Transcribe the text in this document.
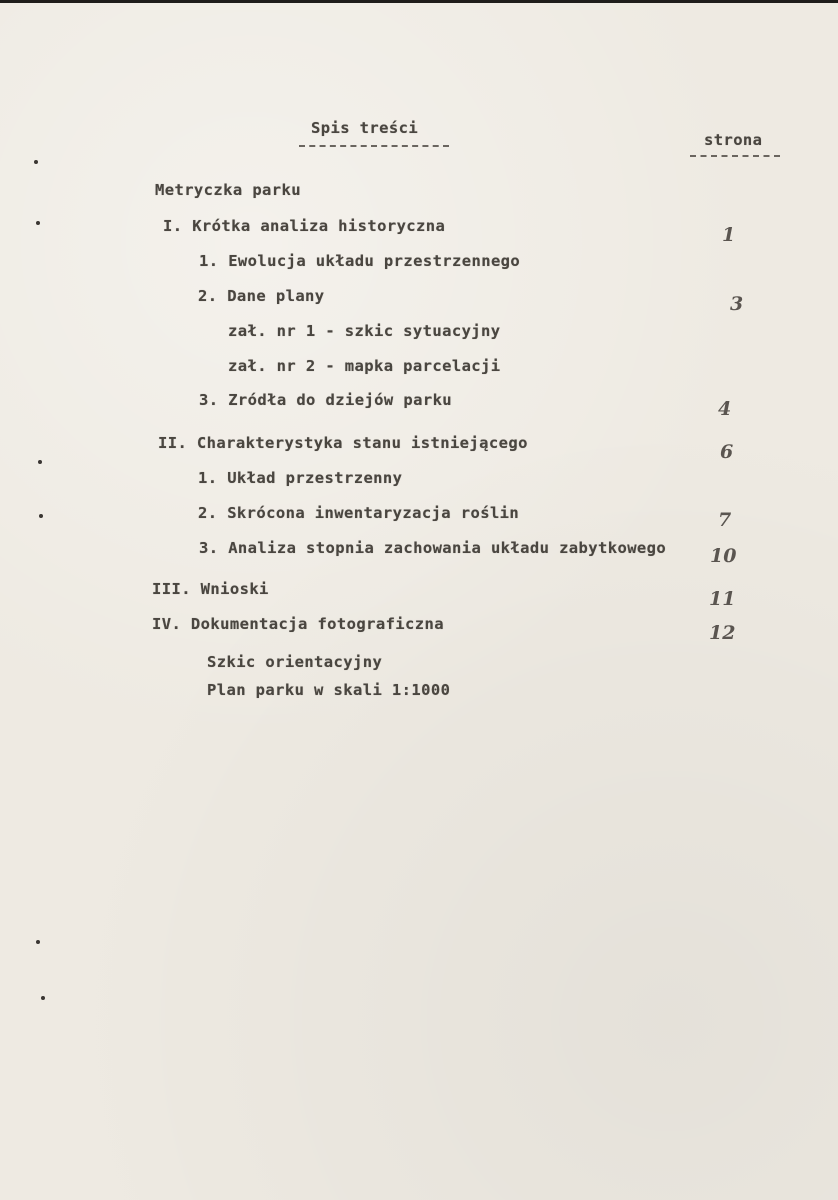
Spis treści
strona
Metryczka parku
I. Krótka analiza historyczna	1
1. Ewolucja układu przestrzennego
2. Dane plany	3
zał. nr 1 - szkic sytuacyjny
zał. nr 2 - mapka parcelacji
3. Zródła do dziejów parku	4
II. Charakterystyka stanu istniejącego	6
1. Układ przestrzenny
2. Skrócona inwentaryzacja roślin	7
3. Analiza stopnia zachowania układu zabytkowego 10
III. Wnioski	11
IV. Dokumentacja fotograficzna	12
Szkic orientacyjny
Plan parku w skali 1:1000
